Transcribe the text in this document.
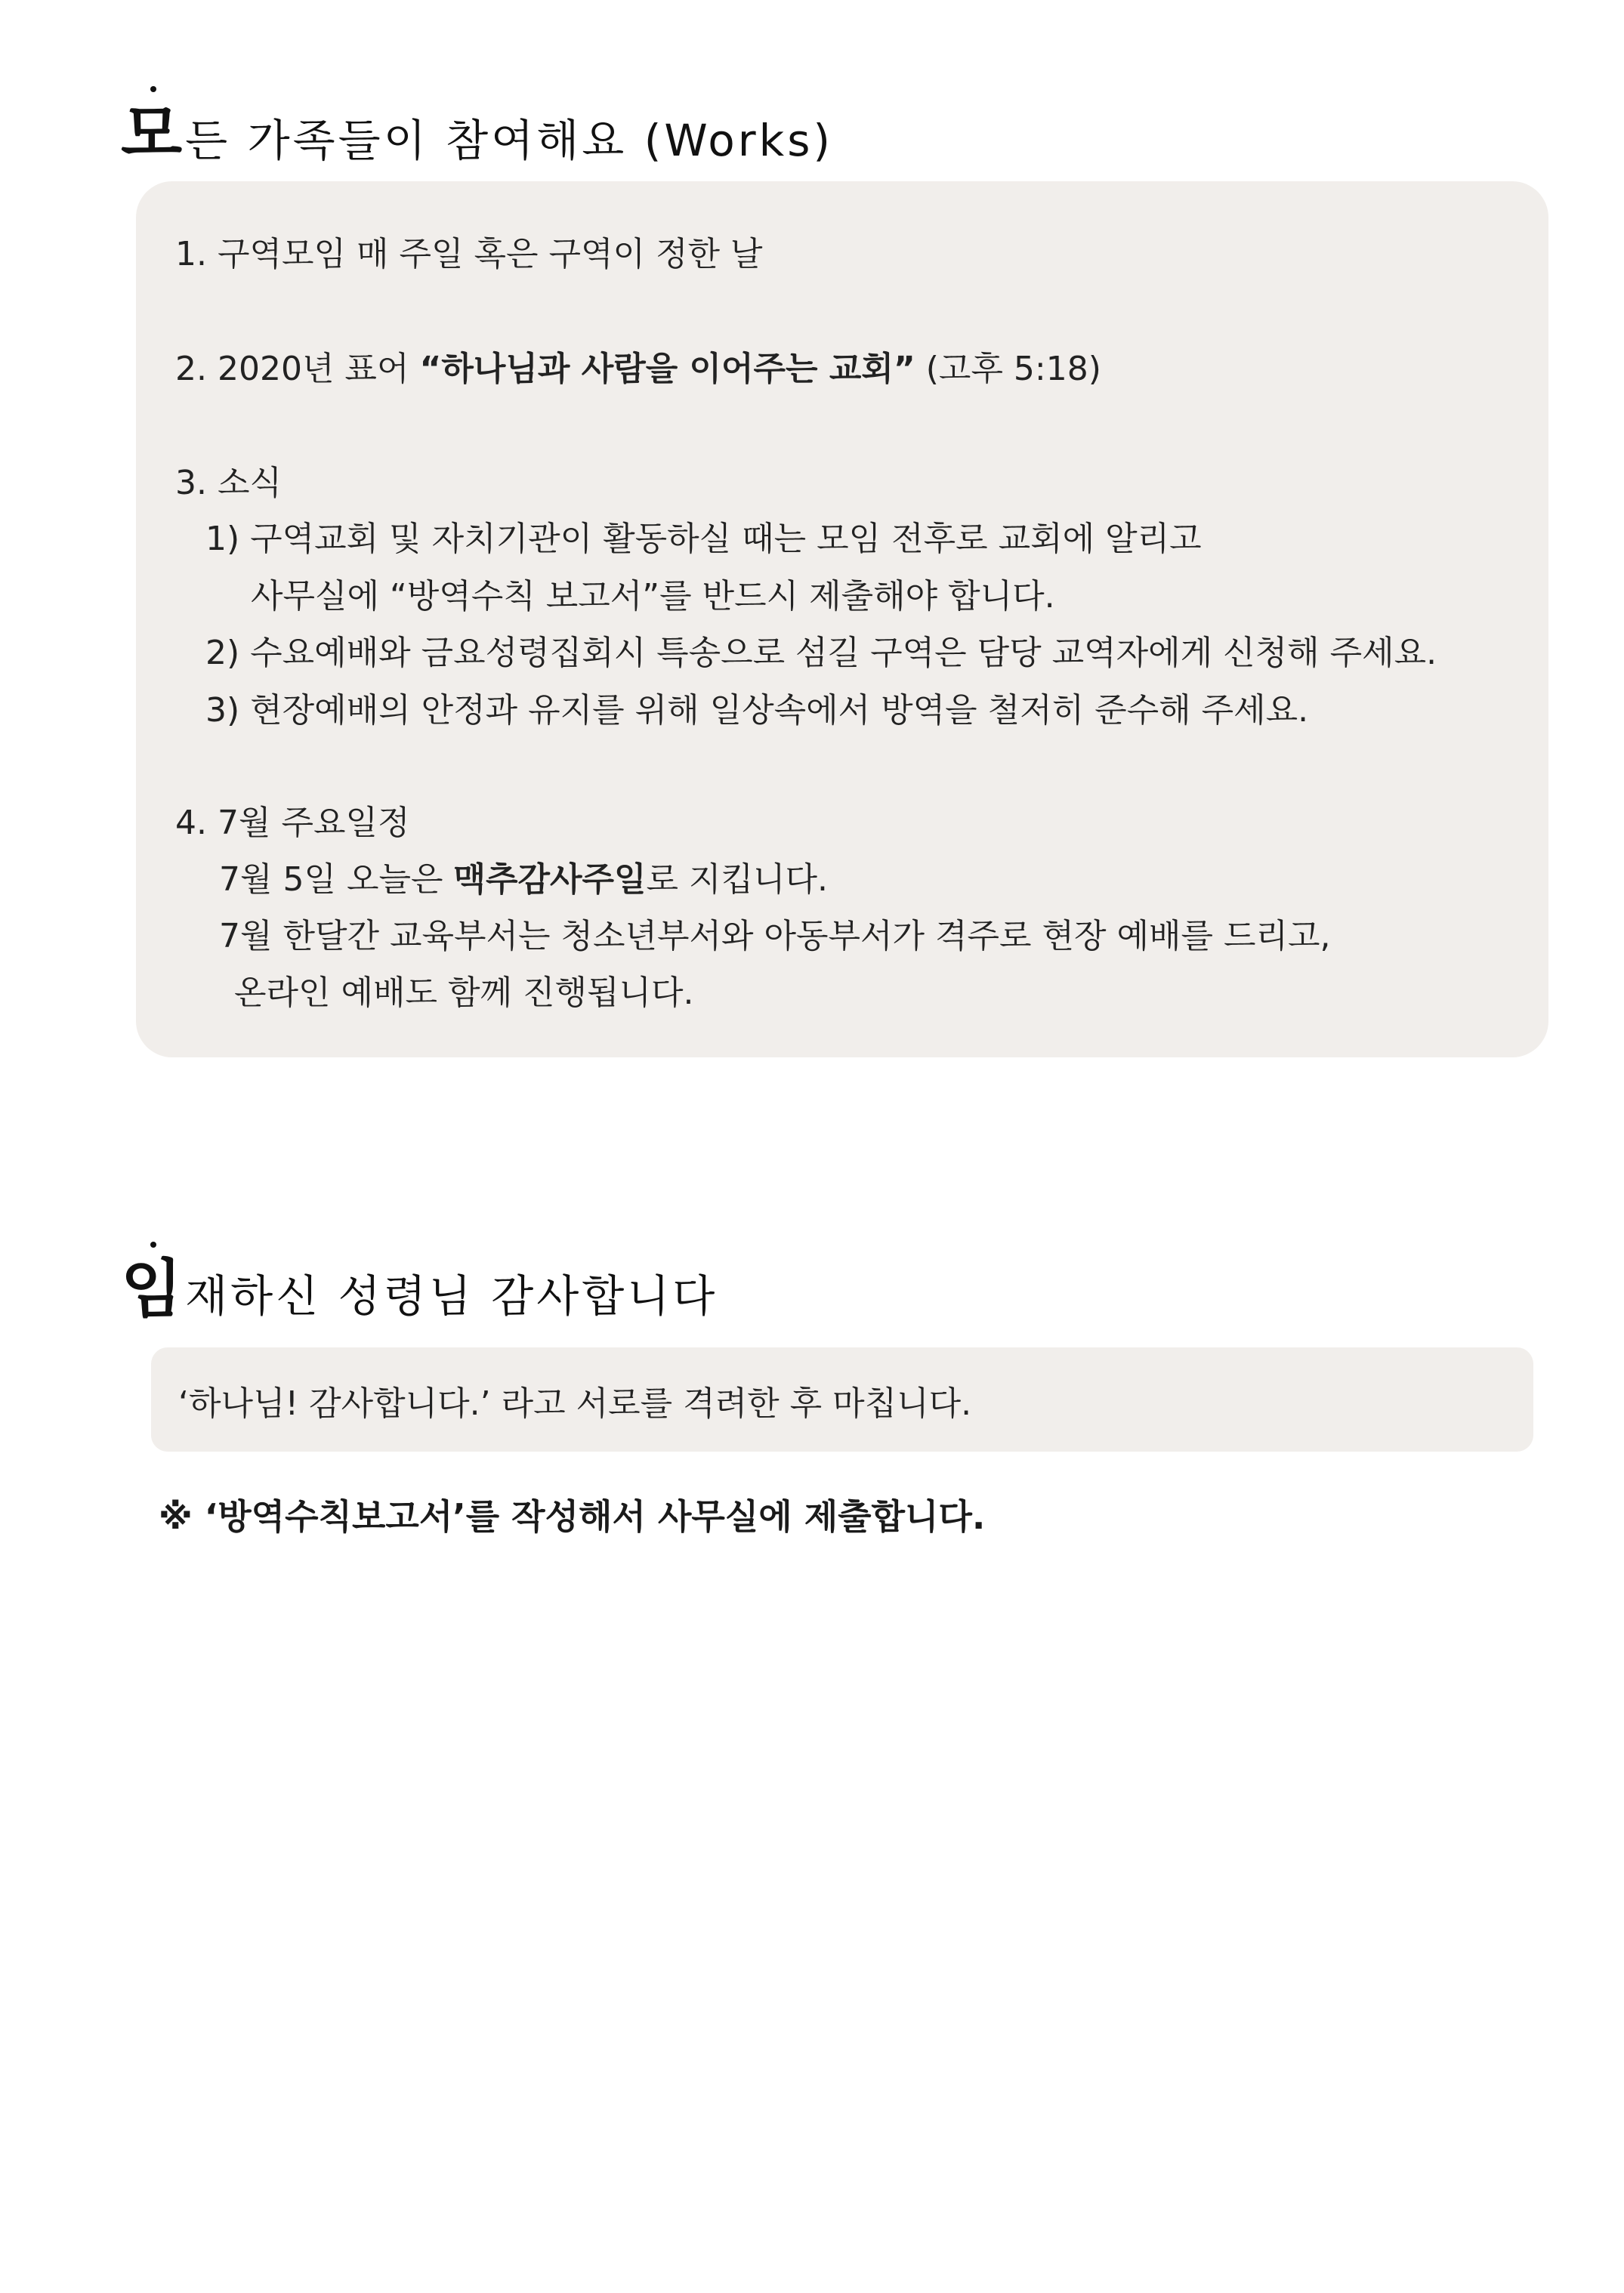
모든 가족들이 참여해요 (Works)
1. 구역모임 매 주일 혹은 구역이 정한 날
2. 2020년 표어 “하나님과 사람을 이어주는 교회” (고후 5:18)
3. 소식
1) 구역교회 및 자치기관이 활동하실 때는 모임 전후로 교회에 알리고
사무실에 “방역수칙 보고서”를 반드시 제출해야 합니다.
2) 수요예배와 금요성령집회시 특송으로 섬길 구역은 담당 교역자에게 신청해 주세요.
3) 현장예배의 안정과 유지를 위해 일상속에서 방역을 철저히 준수해 주세요.
4. 7월 주요일정
7월 5일 오늘은 맥추감사주일로 지킵니다.
7월 한달간 교육부서는 청소년부서와 아동부서가 격주로 현장 예배를 드리고,
온라인 예배도 함께 진행됩니다.
임재하신 성령님 감사합니다
‘하나님! 감사합니다.’ 라고 서로를 격려한 후 마칩니다.
※ ‘방역수칙보고서’를 작성해서 사무실에 제출합니다.
